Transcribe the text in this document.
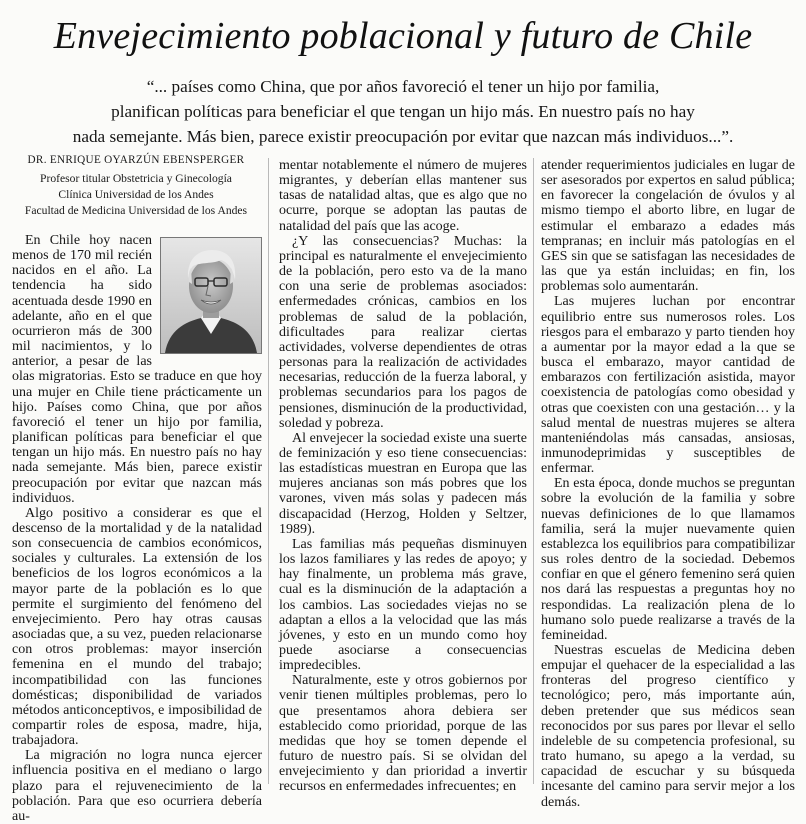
Envejecimiento poblacional y futuro de Chile
“... países como China, que por años favoreció el tener un hijo por familia,
planifican políticas para beneficiar el que tengan un hijo más. En nuestro país no hay
nada semejante. Más bien, parece existir preocupación por evitar que nazcan más individuos...”.
DR. ENRIQUE OYARZÚN EBENSPERGER
Profesor titular Obstetricia y Ginecología
Clínica Universidad de los Andes
Facultad de Medicina Universidad de los Andes

En Chile hoy nacen menos de 170 mil recién nacidos en el año. La tendencia ha sido acentuada desde 1990 en adelante, año en el que ocurrieron más de 300 mil nacimientos, y lo anterior, a pesar de las olas migratorias. Esto se traduce en que hoy una mujer en Chile tiene prácticamente un hijo. Países como China, que por años favoreció el tener un hijo por familia, planifican políticas para beneficiar el que tengan un hijo más. En nuestro país no hay nada semejante. Más bien, parece existir preocupación por evitar que nazcan más individuos.

Algo positivo a considerar es que el descenso de la mortalidad y de la natalidad son consecuencia de cambios económicos, sociales y culturales. La extensión de los beneficios de los logros económicos a la mayor parte de la población es lo que permite el surgimiento del fenómeno del envejecimiento. Pero hay otras causas asociadas que, a su vez, pueden relacionarse con otros problemas: mayor inserción femenina en el mundo del trabajo; incompatibilidad con las funciones domésticas; disponibilidad de variados métodos anticonceptivos, e imposibilidad de compartir roles de esposa, madre, hija, trabajadora.

La migración no logra nunca ejercer influencia positiva en el mediano o largo plazo para el rejuvenecimiento de la población. Para que eso ocurriera debería au-

mentar notablemente el número de mujeres migrantes, y deberían ellas mantener sus tasas de natalidad altas, que es algo que no ocurre, porque se adoptan las pautas de natalidad del país que las acoge.

¿Y las consecuencias? Muchas: la principal es naturalmente el envejecimiento de la población, pero esto va de la mano con una serie de problemas asociados: enfermedades crónicas, cambios en los problemas de salud de la población, dificultades para realizar ciertas actividades, volverse dependientes de otras personas para la realización de actividades necesarias, reducción de la fuerza laboral, y problemas secundarios para los pagos de pensiones, disminución de la productividad, soledad y pobreza.

Al envejecer la sociedad existe una suerte de feminización y eso tiene consecuencias: las estadísticas muestran en Europa que las mujeres ancianas son más pobres que los varones, viven más solas y padecen más discapacidad (Herzog, Holden y Seltzer, 1989).

Las familias más pequeñas disminuyen los lazos familiares y las redes de apoyo; y hay finalmente, un problema más grave, cual es la disminución de la adaptación a los cambios. Las sociedades viejas no se adaptan a ellos a la velocidad que las más jóvenes, y esto en un mundo como hoy puede asociarse a consecuencias impredecibles.

Naturalmente, este y otros gobiernos por venir tienen múltiples problemas, pero lo que presentamos ahora debiera ser establecido como prioridad, porque de las medidas que hoy se tomen depende el futuro de nuestro país. Si se olvidan del envejecimiento y dan prioridad a invertir recursos en enfermedades infrecuentes; en

atender requerimientos judiciales en lugar de ser asesorados por expertos en salud pública; en favorecer la congelación de óvulos y al mismo tiempo el aborto libre, en lugar de estimular el embarazo a edades más tempranas; en incluir más patologías en el GES sin que se satisfagan las necesidades de las que ya están incluidas; en fin, los problemas solo aumentarán.

Las mujeres luchan por encontrar equilibrio entre sus numerosos roles. Los riesgos para el embarazo y parto tienden hoy a aumentar por la mayor edad a la que se busca el embarazo, mayor cantidad de embarazos con fertilización asistida, mayor coexistencia de patologías como obesidad y otras que coexisten con una gestación… y la salud mental de nuestras mujeres se altera manteniéndolas más cansadas, ansiosas, inmunodeprimidas y susceptibles de enfermar.

En esta época, donde muchos se preguntan sobre la evolución de la familia y sobre nuevas definiciones de lo que llamamos familia, será la mujer nuevamente quien establezca los equilibrios para compatibilizar sus roles dentro de la sociedad. Debemos confiar en que el género femenino será quien nos dará las respuestas a preguntas hoy no respondidas. La realización plena de lo humano solo puede realizarse a través de la femineidad.

Nuestras escuelas de Medicina deben empujar el quehacer de la especialidad a las fronteras del progreso científico y tecnológico; pero, más importante aún, deben pretender que sus médicos sean reconocidos por sus pares por llevar el sello indeleble de su competencia profesional, su trato humano, su apego a la verdad, su capacidad de escuchar y su búsqueda incesante del camino para servir mejor a los demás.
